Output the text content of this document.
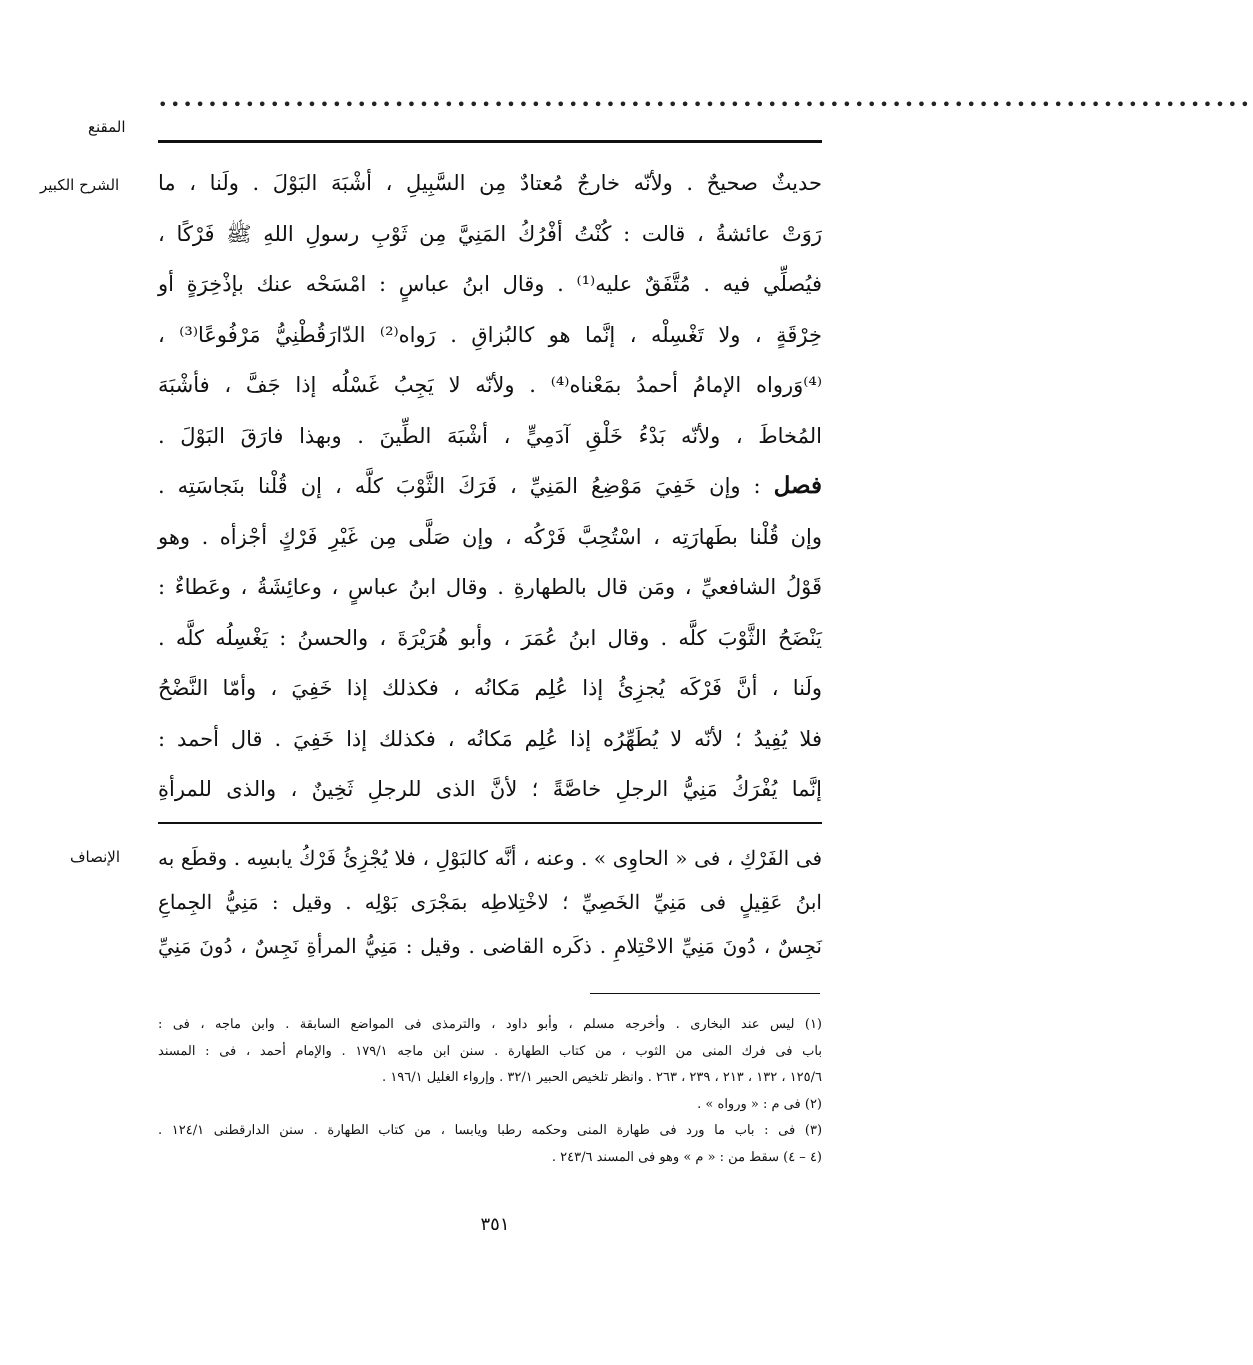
المقنع
••••••••••••••••••••••••••••••••••••••••••••••••••••••••••••••••••••••••••••••••••••••••
الشرح الكبير
الإنصاف
حديثٌ صحيحٌ . ولأنّه خارجٌ مُعتادٌ مِن السَّبِيلِ ، أشْبَهَ البَوْلَ . ولَنا ، ما
رَوَتْ عائشةُ ، قالت : كُنْتُ أفْرُكُ المَنِيَّ مِن ثَوْبِ رسولِ اللهِ ﷺ فَرْكًا ،
فيُصلِّي فيه . مُتَّفَقٌ عليه⁽¹⁾ . وقال ابنُ عباسٍ : امْسَحْه عنك بإذْخِرَةٍ أو
خِرْقَةٍ ، ولا تَغْسِلْه ، إنَّما هو كالبُزاقِ . رَواه⁽²⁾ الدّارَقُطْنِيُّ مَرْفُوعًا⁽³⁾ ،
⁽⁴⁾وَرواه الإمامُ أحمدُ بمَعْناه⁽⁴⁾ . ولأنّه لا يَجِبُ غَسْلُه إذا جَفَّ ، فأشْبَهَ
المُخاطَ ، ولأنّه بَدْءُ خَلْقِ آدَمِيٍّ ، أشْبَهَ الطِّينَ . وبهذا فارَقَ البَوْلَ .
فصل : وإن خَفِيَ مَوْضِعُ المَنِيِّ ، فَرَكَ الثَّوْبَ كلَّه ، إن قُلْنا بنَجاسَتِه .
وإن قُلْنا بطَهارَتِه ، اسْتُحِبَّ فَرْكُه ، وإن صَلَّى مِن غَيْرِ فَرْكٍ أجْزأه . وهو
قَوْلُ الشافعيِّ ، ومَن قال بالطهارةِ . وقال ابنُ عباسٍ ، وعائِشَةُ ، وعَطاءٌ :
يَنْضَحُ الثَّوْبَ كلَّه . وقال ابنُ عُمَرَ ، وأبو هُرَيْرَةَ ، والحسنُ : يَغْسِلُه كلَّه .
ولَنا ، أنَّ فَرْكَه يُجزِئُ إذا عُلِم مَكانُه ، فكذلك إذا خَفِيَ ، وأمّا النَّضْحُ
فلا يُفِيدُ ؛ لأنّه لا يُطَهِّرُه إذا عُلِم مَكانُه ، فكذلك إذا خَفِيَ . قال أحمد :
إنَّما يُفْرَكُ مَنِيُّ الرجلِ خاصَّةً ؛ لأنَّ الذى للرجلِ ثَخِينٌ ، والذى للمرأةِ
فى الفَرْكِ ، فى « الحاوِى » . وعنه ، أنَّه كالبَوْلِ ، فلا يُجْزِئُ فَرْكُ يابسِه . وقطَع به
ابنُ عَقِيلٍ فى مَنِيِّ الخَصِيِّ ؛ لاخْتِلاطِه بمَجْرَى بَوْلِه . وقيل : مَنِيُّ الجِماعِ
نَجِسٌ ، دُونَ مَنِيِّ الاحْتِلامِ . ذكَره القاضى . وقيل : مَنِيُّ المرأةِ نَجِسٌ ، دُونَ مَنِيِّ
(١) ليس عند البخارى . وأخرجه مسلم ، وأبو داود ، والترمذى فى المواضع السابقة . وابن ماجه ، فى :
باب فى فرك المنى من الثوب ، من كتاب الطهارة . سنن ابن ماجه ١٧٩/١ . والإمام أحمد ، فى : المسند
١٢٥/٦ ، ١٣٢ ، ٢١٣ ، ٢٣٩ ، ٢٦٣ . وانظر تلخيص الحبير ٣٢/١ . وإرواء الغليل ١٩٦/١ .
(٢) فى م : « ورواه » .
(٣) فى : باب ما ورد فى طهارة المنى وحكمه رطبا ويابسا ، من كتاب الطهارة . سنن الدارقطنى ١٢٤/١ .
(٤ – ٤) سقط من : « م » وهو فى المسند ٢٤٣/٦ .
٣٥١
